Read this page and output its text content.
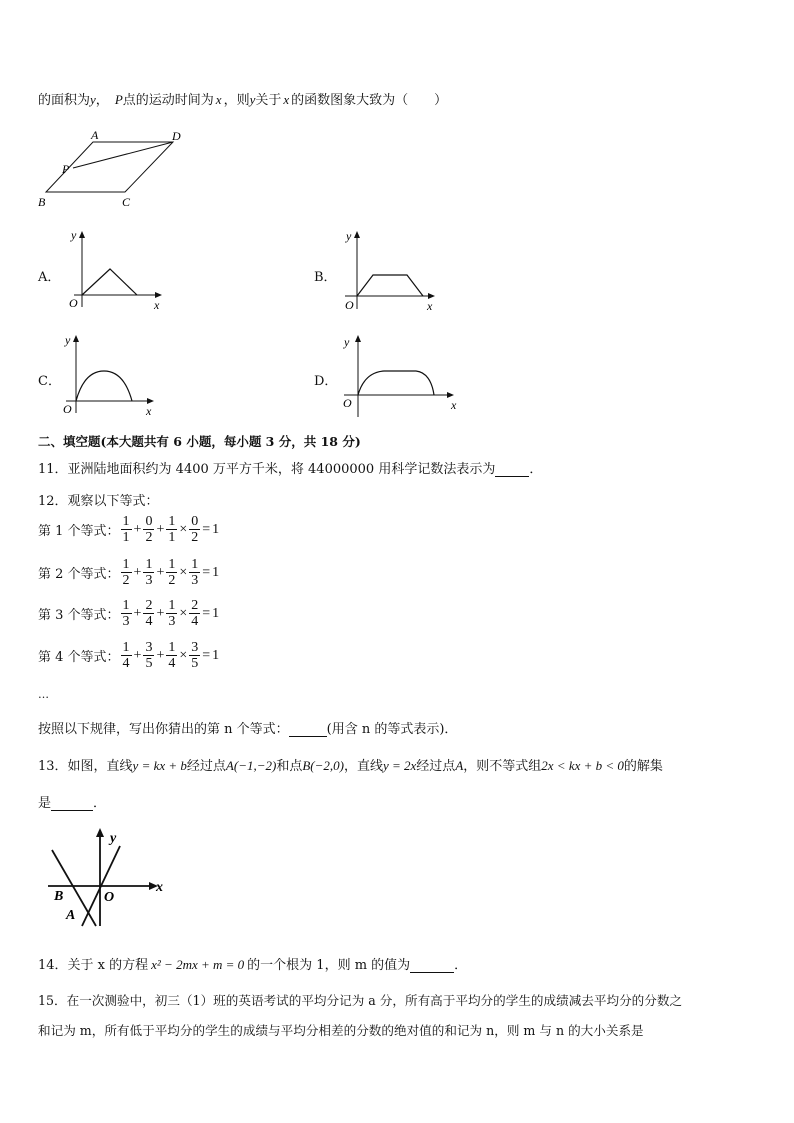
的面积为y， P点的运动时间为 x ，则y关于 x 的函数图象大致为（　　）
A	D
P
B	C
A．
y
O	x
B．
y
O	x
C．
y
O	x
D．
y
O	x
二、填空题(本大题共有 6 小题，每小题 3 分，共 18 分)
11．亚洲陆地面积约为 4400 万平方千米，将 44000000 用科学记数法表示为	．
12．观察以下等式：
第 1 个等式： $\frac{1}{1} + \frac{0}{2} + \frac{1}{1} \times \frac{0}{2} = 1$
第 2 个等式： $\frac{1}{2} + \frac{1}{3} + \frac{1}{2} \times \frac{1}{3} = 1$
第 3 个等式： $\frac{1}{3} + \frac{2}{4} + \frac{1}{3} \times \frac{2}{4} = 1$
第 4 个等式： $\frac{1}{4} + \frac{3}{5} + \frac{1}{4} \times \frac{3}{5} = 1$
…
按照以下规律，写出你猜出的第 n 个等式：	(用含 n 的等式表示)．
13．如图，直线y = kx + b经过点A(−1,−2)和点B(−2,0)，直线y = 2x经过点A，则不等式组2x < kx + b < 0的解集
是	．
B	O
A
x
y
14．关于 x 的方程 x² − 2mx + m = 0 的一个根为 1，则 m 的值为	．
15．在一次测验中，初三（1）班的英语考试的平均分记为 a 分，所有高于平均分的学生的成绩减去平均分的分数之
和记为 m，所有低于平均分的学生的成绩与平均分相差的分数的绝对值的和记为 n，则 m 与 n 的大小关系是
